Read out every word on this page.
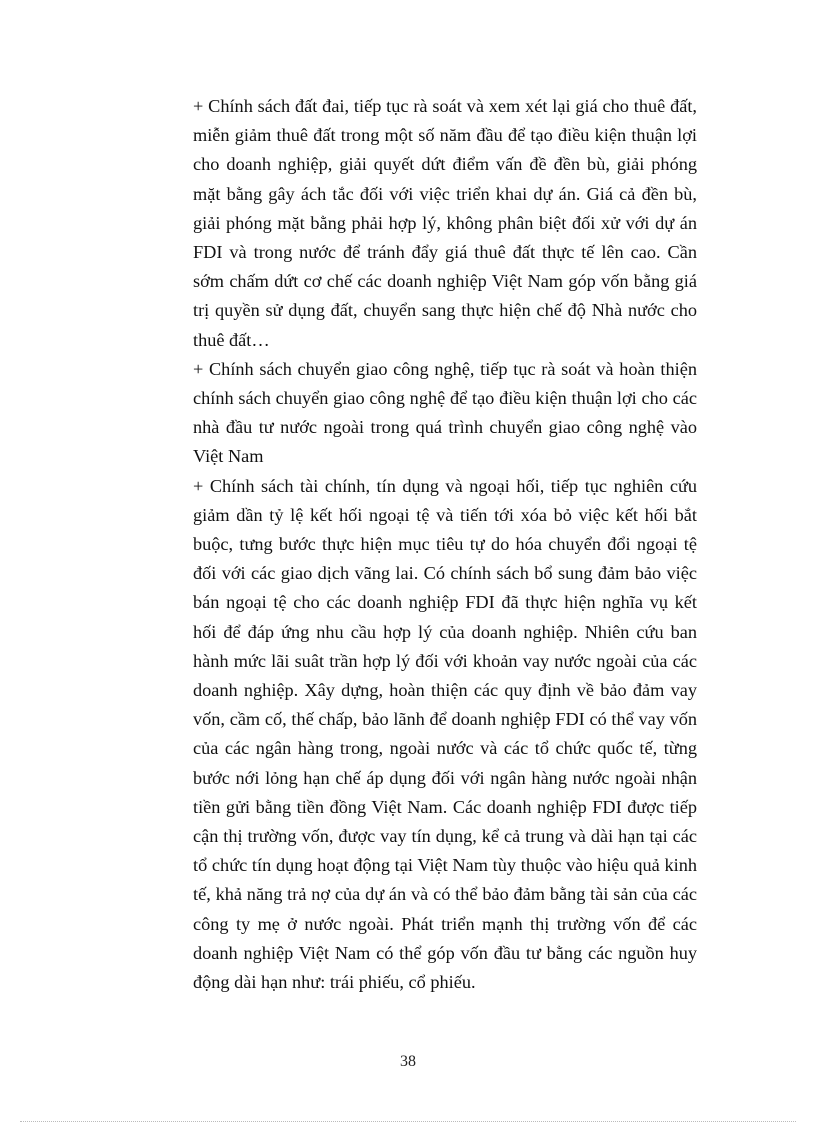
+ Chính sách đất đai, tiếp tục rà soát và xem xét lại giá cho thuê đất, miễn giảm thuê đất trong một số năm đầu để tạo điều kiện thuận lợi cho doanh nghiệp, giải quyết dứt điểm vấn đề đền bù, giải phóng mặt bằng gây ách tắc đối với việc triển khai dự án. Giá cả đền bù, giải phóng mặt bằng phải hợp lý, không phân biệt đối xử với dự án FDI và trong nước để tránh đẩy giá thuê đất thực tế lên cao. Cần sớm chấm dứt cơ chế các doanh nghiệp Việt Nam góp vốn bằng giá trị quyền sử dụng đất, chuyển sang thực hiện chế độ Nhà nước cho thuê đất…

+ Chính sách chuyển giao công nghệ, tiếp tục rà soát và hoàn thiện chính sách chuyển giao công nghệ để tạo điều kiện thuận lợi cho các nhà đầu tư nước ngoài trong quá trình chuyển giao công nghệ vào Việt Nam

+ Chính sách tài chính, tín dụng và ngoại hối, tiếp tục nghiên cứu giảm dần tỷ lệ kết hối ngoại tệ và tiến tới xóa bỏ việc kết hối bắt buộc, tưng bước thực hiện mục tiêu tự do hóa chuyển đổi ngoại tệ đối với các giao dịch vãng lai. Có chính sách bổ sung đảm bảo việc bán ngoại tệ cho các doanh nghiệp FDI đã thực hiện nghĩa vụ kết hối để đáp ứng nhu cầu hợp lý của doanh nghiệp. Nhiên cứu ban hành mức lãi suât trần hợp lý đối với khoản vay nước ngoài của các doanh nghiệp. Xây dựng, hoàn thiện các quy định về bảo đảm vay vốn, cầm cố, thế chấp, bảo lãnh để doanh nghiệp FDI có thể vay vốn của các ngân hàng trong, ngoài nước và các tổ chức quốc tế, từng bước nới lỏng hạn chế áp dụng đối với ngân hàng nước ngoài nhận tiền gửi bằng tiền đồng Việt Nam. Các doanh nghiệp FDI được tiếp cận thị trường vốn, được vay tín dụng, kể cả trung và dài hạn tại các tổ chức tín dụng hoạt động tại Việt Nam tùy thuộc vào hiệu quả kinh tế, khả năng trả nợ của dự án và có thể bảo đảm bằng tài sản của các công ty mẹ ở nước ngoài. Phát triển mạnh thị trường vốn để các doanh nghiệp Việt Nam có thể góp vốn đầu tư bằng các nguồn huy động dài hạn như: trái phiếu, cổ phiếu.

38
